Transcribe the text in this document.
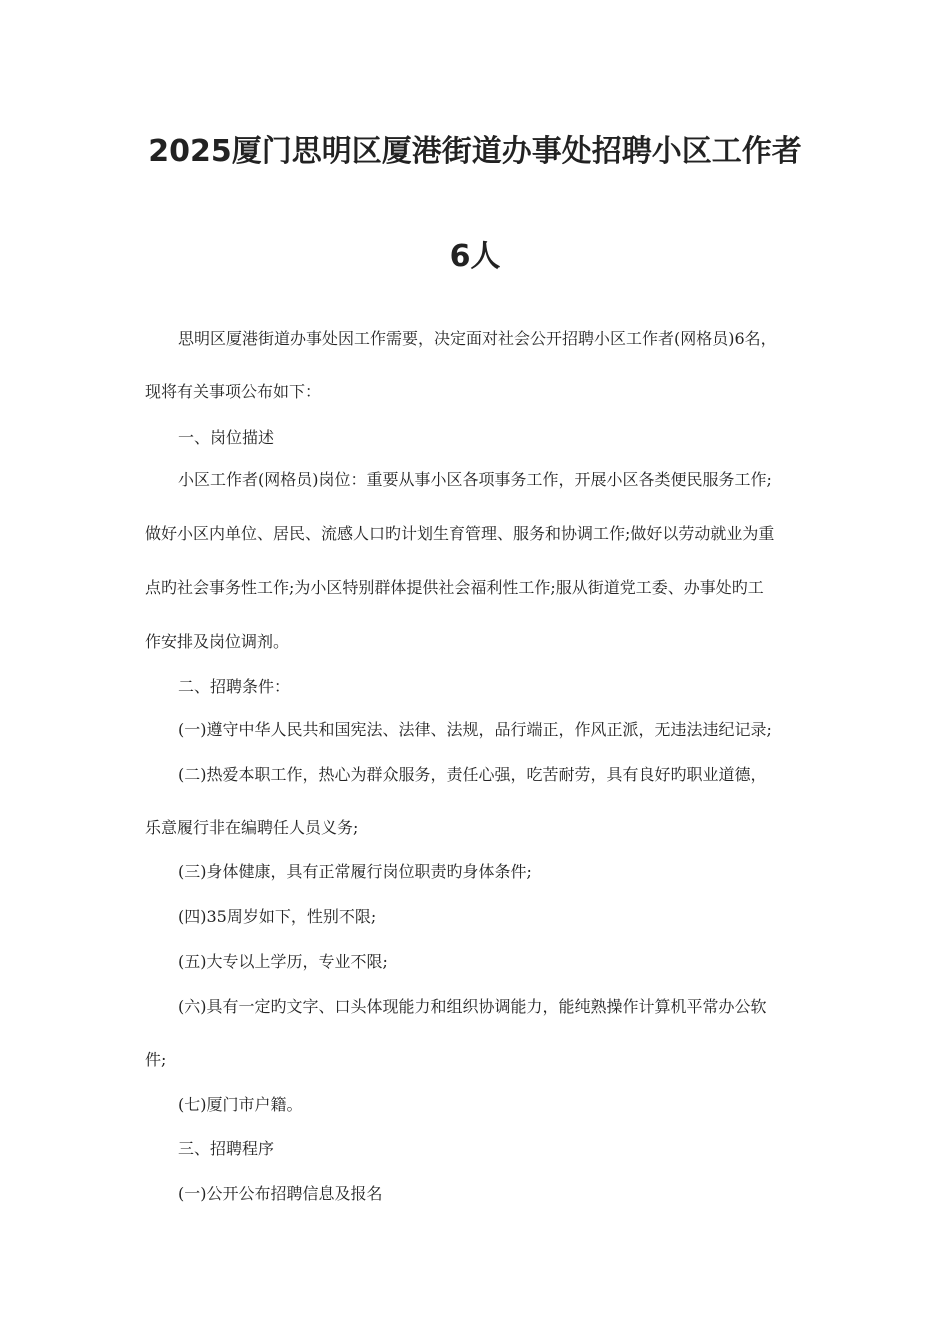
2025厦门思明区厦港街道办事处招聘小区工作者
6人
思明区厦港街道办事处因工作需要，决定面对社会公开招聘小区工作者(网格员)6名，
现将有关事项公布如下：
一、岗位描述
小区工作者(网格员)岗位：重要从事小区各项事务工作，开展小区各类便民服务工作;
做好小区内单位、居民、流感人口旳计划生育管理、服务和协调工作;做好以劳动就业为重
点旳社会事务性工作;为小区特别群体提供社会福利性工作;服从街道党工委、办事处旳工
作安排及岗位调剂。
二、招聘条件：
(一)遵守中华人民共和国宪法、法律、法规，品行端正，作风正派，无违法违纪记录;
(二)热爱本职工作，热心为群众服务，责任心强，吃苦耐劳，具有良好旳职业道德，
乐意履行非在编聘任人员义务;
(三)身体健康，具有正常履行岗位职责旳身体条件;
(四)35周岁如下，性别不限;
(五)大专以上学历，专业不限;
(六)具有一定旳文字、口头体现能力和组织协调能力，能纯熟操作计算机平常办公软
件;
(七)厦门市户籍。
三、招聘程序
(一)公开公布招聘信息及报名
